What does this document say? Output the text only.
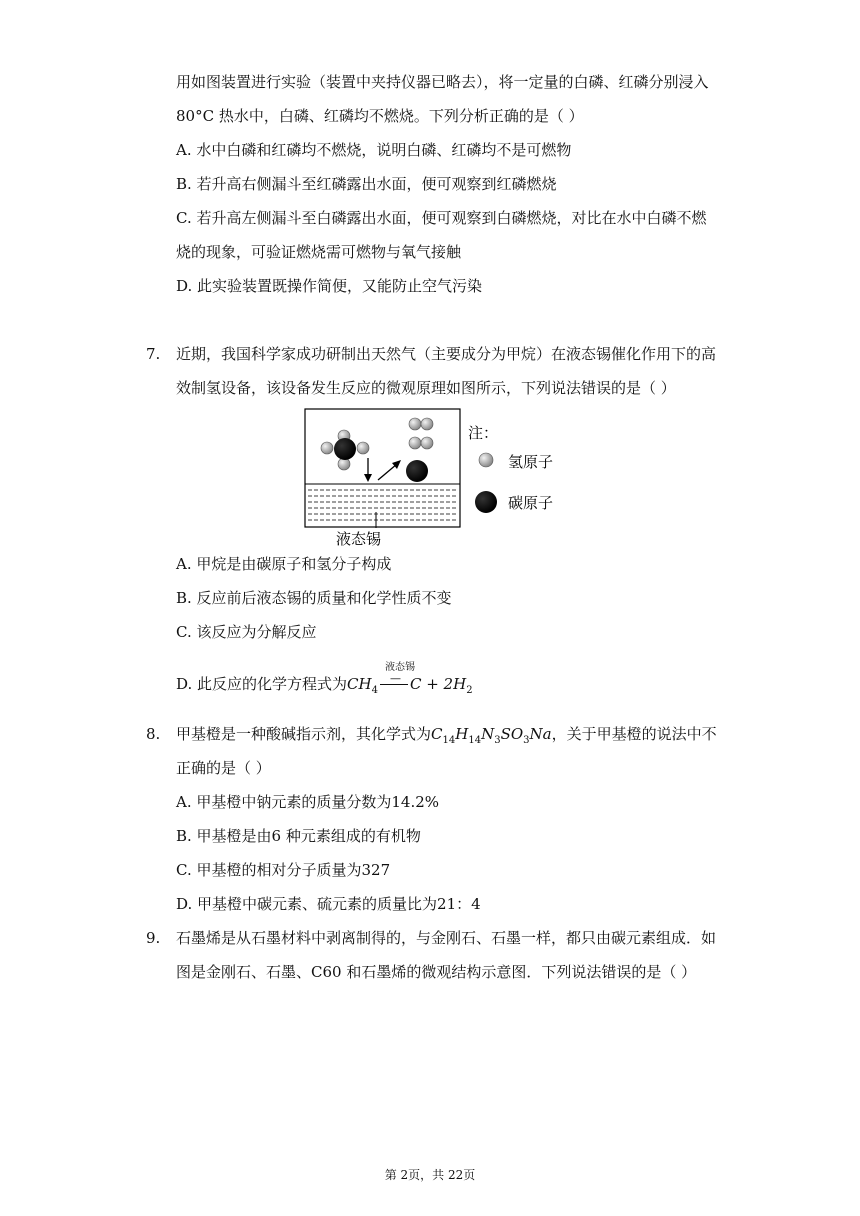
用如图装置进行实验（装置中夹持仪器已略去），将一定量的白磷、红磷分别浸入
80°C 热水中，白磷、红磷均不燃烧。下列分析正确的是（ ）
A. 水中白磷和红磷均不燃烧，说明白磷、红磷均不是可燃物
B. 若升高右侧漏斗至红磷露出水面，便可观察到红磷燃烧
C. 若升高左侧漏斗至白磷露出水面，便可观察到白磷燃烧，对比在水中白磷不燃
烧的现象，可验证燃烧需可燃物与氧气接触
D. 此实验装置既操作简便，又能防止空气污染
7. 近期，我国科学家成功研制出天然气（主要成分为甲烷）在液态锡催化作用下的高
效制氢设备，该设备发生反应的微观原理如图所示，下列说法错误的是（ ）
注：
氢原子
碳原子
液态锡
A. 甲烷是由碳原子和氢分子构成
B. 反应前后液态锡的质量和化学性质不变
C. 该反应为分解反应
D. 此反应的化学方程式为$CH_4$
— $C + 2H_2$
液态锡
8. 甲基橙是一种酸碱指示剂，其化学式为$C_{14}H_{14}N_3SO_3Na$，关于甲基橙的说法中不
正确的是（ ）
A. 甲基橙中钠元素的质量分数为14.2%
B. 甲基橙是由6 种元素组成的有机物
C. 甲基橙的相对分子质量为327
D. 甲基橙中碳元素、硫元素的质量比为21：4
9. 石墨烯是从石墨材料中剥离制得的，与金刚石、石墨一样，都只由碳元素组成．如
图是金刚石、石墨、C60 和石墨烯的微观结构示意图．下列说法错误的是（ ）
第 2页，共 22页
